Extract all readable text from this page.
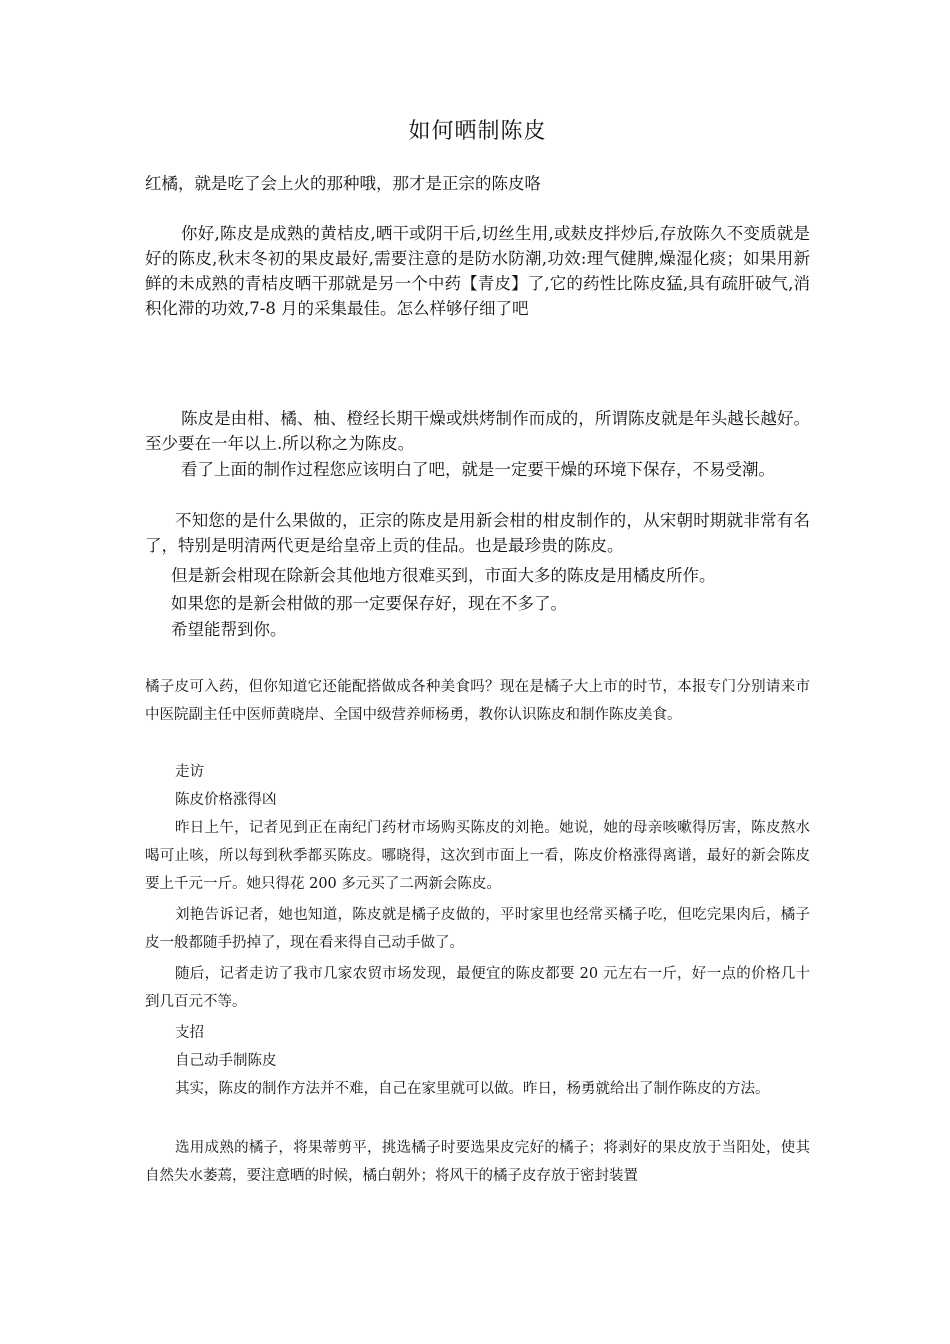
如何晒制陈皮

红橘，就是吃了会上火的那种哦，那才是正宗的陈皮咯

你好,陈皮是成熟的黄桔皮,晒干或阴干后,切丝生用,或麸皮拌炒后,存放陈久不变质就是好的陈皮,秋末冬初的果皮最好,需要注意的是防水防潮,功效:理气健脾,燥湿化痰；如果用新鲜的未成熟的青桔皮晒干那就是另一个中药【青皮】了,它的药性比陈皮猛,具有疏肝破气,消积化滞的功效,7-8 月的采集最佳。怎么样够仔细了吧

陈皮是由柑、橘、柚、橙经长期干燥或烘烤制作而成的，所谓陈皮就是年头越长越好。至少要在一年以上.所以称之为陈皮。

看了上面的制作过程您应该明白了吧，就是一定要干燥的环境下保存，不易受潮。

不知您的是什么果做的，正宗的陈皮是用新会柑的柑皮制作的，从宋朝时期就非常有名了，特别是明清两代更是给皇帝上贡的佳品。也是最珍贵的陈皮。

但是新会柑现在除新会其他地方很难买到，市面大多的陈皮是用橘皮所作。

如果您的是新会柑做的那一定要保存好，现在不多了。

希望能帮到你。

橘子皮可入药，但你知道它还能配搭做成各种美食吗？现在是橘子大上市的时节，本报专门分别请来市中医院副主任中医师黄晓岸、全国中级营养师杨勇，教你认识陈皮和制作陈皮美食。

走访

陈皮价格涨得凶

昨日上午，记者见到正在南纪门药材市场购买陈皮的刘艳。她说，她的母亲咳嗽得厉害，陈皮熬水喝可止咳，所以每到秋季都买陈皮。哪晓得，这次到市面上一看，陈皮价格涨得离谱，最好的新会陈皮要上千元一斤。她只得花 200 多元买了二两新会陈皮。

刘艳告诉记者，她也知道，陈皮就是橘子皮做的，平时家里也经常买橘子吃，但吃完果肉后，橘子皮一般都随手扔掉了，现在看来得自己动手做了。

随后，记者走访了我市几家农贸市场发现，最便宜的陈皮都要 20 元左右一斤，好一点的价格几十到几百元不等。

支招

自己动手制陈皮

其实，陈皮的制作方法并不难，自己在家里就可以做。昨日，杨勇就给出了制作陈皮的方法。

选用成熟的橘子，将果蒂剪平，挑选橘子时要选果皮完好的橘子；将剥好的果皮放于当阳处，使其自然失水萎蔫，要注意晒的时候，橘白朝外；将风干的橘子皮存放于密封装置
